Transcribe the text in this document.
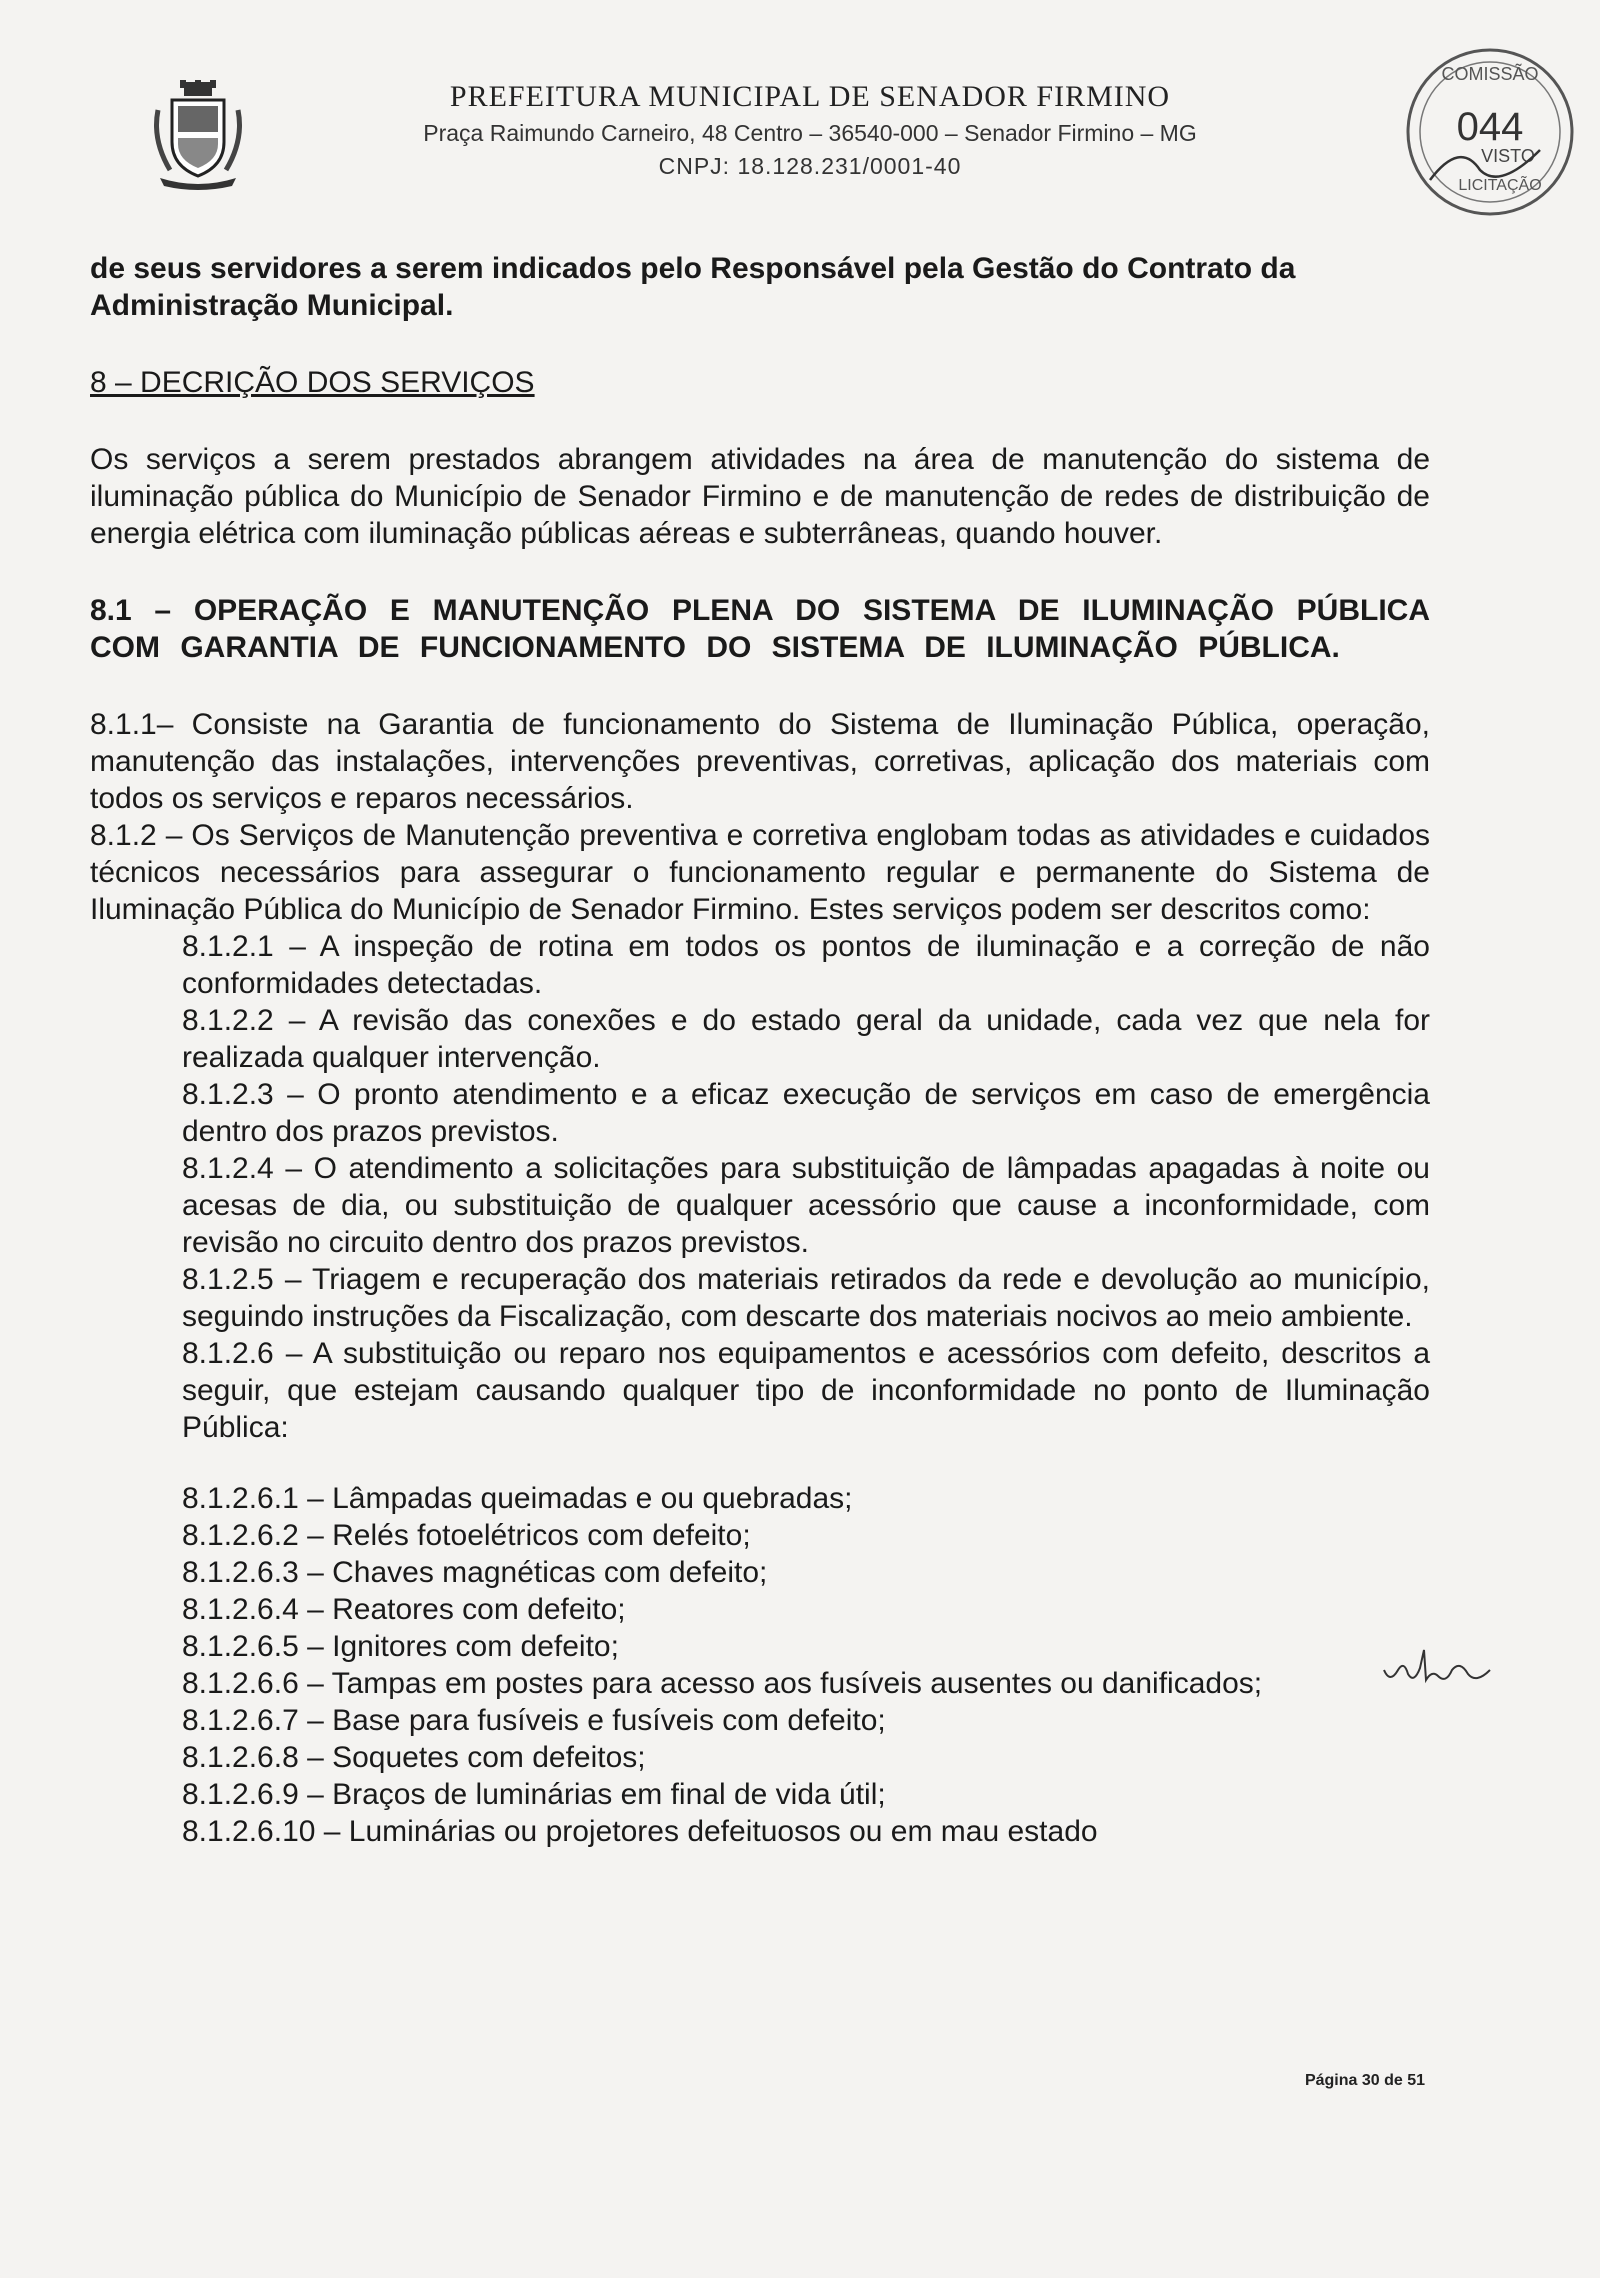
PREFEITURA MUNICIPAL DE SENADOR FIRMINO
Praça Raimundo Carneiro, 48 Centro – 36540-000 – Senador Firmino – MG
CNPJ: 18.128.231/0001-40
COMISSÃO
044
VISTO
LICITAÇÃO

de seus servidores a serem indicados pelo Responsável pela Gestão do Contrato da Administração Municipal.

8 – DECRIÇÃO DOS SERVIÇOS

Os serviços a serem prestados abrangem atividades na área de manutenção do sistema de iluminação pública do Município de Senador Firmino e de manutenção de redes de distribuição de energia elétrica com iluminação públicas aéreas e subterrâneas, quando houver.

8.1 – OPERAÇÃO E MANUTENÇÃO PLENA DO SISTEMA DE ILUMINAÇÃO PÚBLICA COM GARANTIA DE FUNCIONAMENTO DO SISTEMA DE ILUMINAÇÃO PÚBLICA.

8.1.1– Consiste na Garantia de funcionamento do Sistema de Iluminação Pública, operação, manutenção das instalações, intervenções preventivas, corretivas, aplicação dos materiais com todos os serviços e reparos necessários.

8.1.2 – Os Serviços de Manutenção preventiva e corretiva englobam todas as atividades e cuidados técnicos necessários para assegurar o funcionamento regular e permanente do Sistema de Iluminação Pública do Município de Senador Firmino. Estes serviços podem ser descritos como:

8.1.2.1 – A inspeção de rotina em todos os pontos de iluminação e a correção de não conformidades detectadas.

8.1.2.2 – A revisão das conexões e do estado geral da unidade, cada vez que nela for realizada qualquer intervenção.

8.1.2.3 – O pronto atendimento e a eficaz execução de serviços em caso de emergência dentro dos prazos previstos.

8.1.2.4 – O atendimento a solicitações para substituição de lâmpadas apagadas à noite ou acesas de dia, ou substituição de qualquer acessório que cause a inconformidade, com revisão no circuito dentro dos prazos previstos.

8.1.2.5 – Triagem e recuperação dos materiais retirados da rede e devolução ao município, seguindo instruções da Fiscalização, com descarte dos materiais nocivos ao meio ambiente.

8.1.2.6 – A substituição ou reparo nos equipamentos e acessórios com defeito, descritos a seguir, que estejam causando qualquer tipo de inconformidade no ponto de Iluminação Pública:

8.1.2.6.1 – Lâmpadas queimadas e ou quebradas;

8.1.2.6.2 – Relés fotoelétricos com defeito;

8.1.2.6.3 – Chaves magnéticas com defeito;

8.1.2.6.4 – Reatores com defeito;

8.1.2.6.5 – Ignitores com defeito;

8.1.2.6.6 – Tampas em postes para acesso aos fusíveis ausentes ou danificados;

8.1.2.6.7 – Base para fusíveis e fusíveis com defeito;

8.1.2.6.8 – Soquetes com defeitos;

8.1.2.6.9 – Braços de luminárias em final de vida útil;

8.1.2.6.10 – Luminárias ou projetores defeituosos ou em mau estado

Página 30 de 51
